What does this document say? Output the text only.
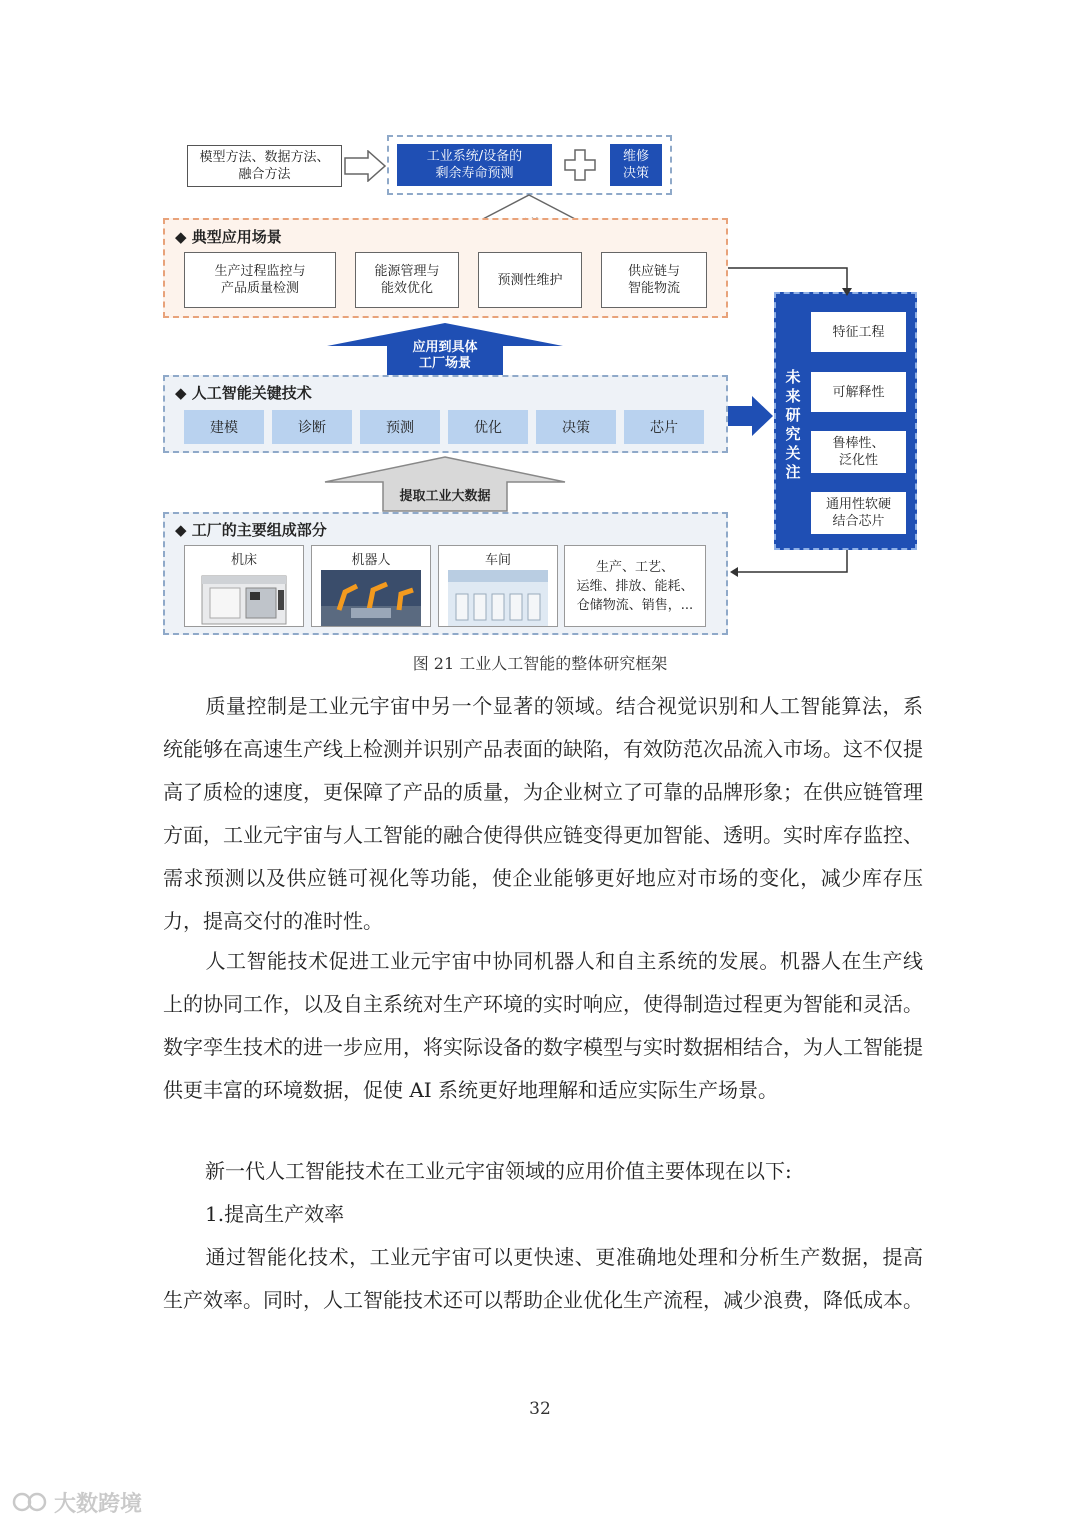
模型方法、数据方法、
融合方法
工业系统/设备的
剩余寿命预测
维修
决策
◆ 典型应用场景
生产过程监控与
产品质量检测
能源管理与
能效优化
预测性维护
供应链与
智能物流
应用到具体
工厂场景
◆ 人工智能关键技术
建模	诊断	预测	优化	决策	芯片
提取工业大数据
◆ 工厂的主要组成部分
机床	机器人	车间	生产、工艺、
运维、排放、能耗、
仓储物流、销售，...
未来研究关注
特征工程
可解释性
鲁棒性、
泛化性
通用性软硬
结合芯片
图 21 工业人工智能的整体研究框架
质量控制是工业元宇宙中另一个显著的领域。结合视觉识别和人工智能算法，系统能够在高速生产线上检测并识别产品表面的缺陷，有效防范次品流入市场。这不仅提高了质检的速度，更保障了产品的质量，为企业树立了可靠的品牌形象；在供应链管理方面，工业元宇宙与人工智能的融合使得供应链变得更加智能、透明。实时库存监控、需求预测以及供应链可视化等功能，使企业能够更好地应对市场的变化，减少库存压力，提高交付的准时性。
人工智能技术促进工业元宇宙中协同机器人和自主系统的发展。机器人在生产线上的协同工作，以及自主系统对生产环境的实时响应，使得制造过程更为智能和灵活。数字孪生技术的进一步应用，将实际设备的数字模型与实时数据相结合，为人工智能提供更丰富的环境数据，促使 AI 系统更好地理解和适应实际生产场景。
新一代人工智能技术在工业元宇宙领域的应用价值主要体现在以下:
1.提高生产效率
通过智能化技术，工业元宇宙可以更快速、更准确地处理和分析生产数据，提高生产效率。同时，人工智能技术还可以帮助企业优化生产流程，减少浪费，降低成本。
32
大数跨境
